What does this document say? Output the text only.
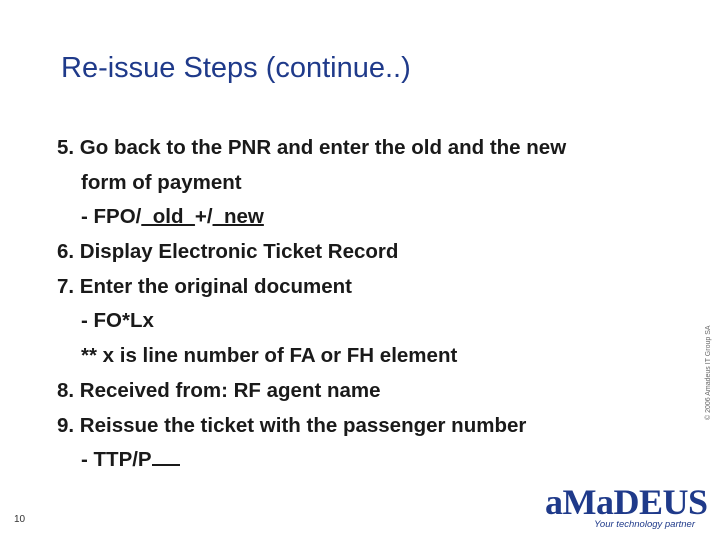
Re-issue Steps (continue..)
5. Go back to the PNR and enter the old and the new
form of payment
- FPO/_old_+/_new
6. Display Electronic Ticket Record
7. Enter the original document
- FO*Lx
** x is line number of FA or FH element
8. Received from: RF agent name
9. Reissue the ticket with the passenger number
- TTP/P
10
© 2006 Amadeus IT Group SA
aMaDEUS
Your technology partner
